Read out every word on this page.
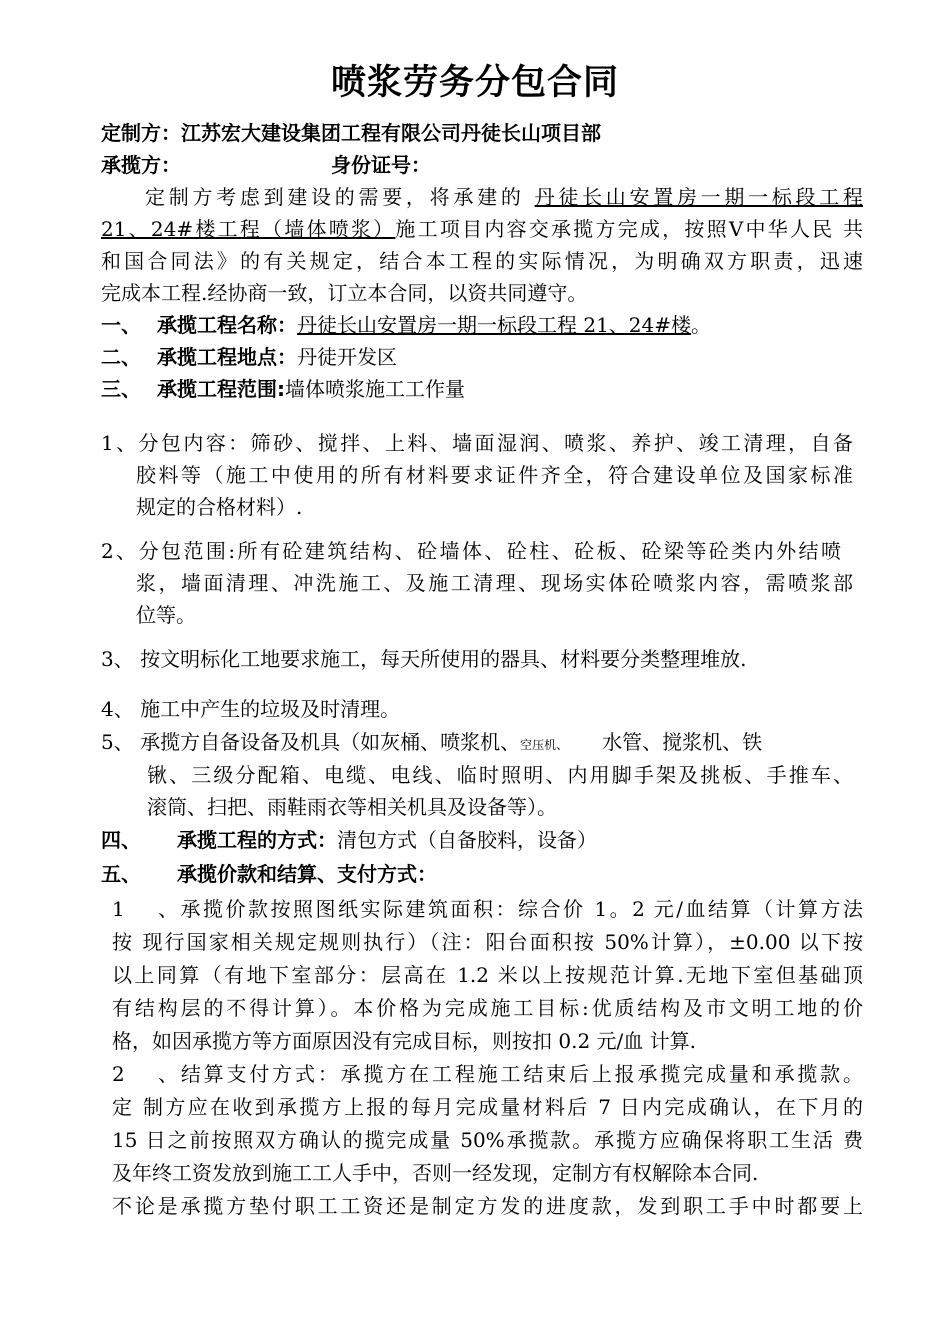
喷浆劳务分包合同
定制方：江苏宏大建设集团工程有限公司丹徒长山项目部
承揽方：	身份证号：
定制方考虑到建设的需要，将承建的 丹徒长山安置房一期一标段工程
21、24#楼工程（墙体喷浆）施工项目内容交承揽方完成，按照Ⅴ中华人民 共
和国合同法》的有关规定，结合本工程的实际情况，为明确双方职责，迅速
完成本工程.经协商一致，订立本合同，以资共同遵守。
一、 承揽工程名称：丹徒长山安置房一期一标段工程 21、24#楼。
二、 承揽工程地点：丹徒开发区
三、 承揽工程范围:墙体喷浆施工工作量
1、分包内容：筛砂、搅拌、上料、墙面湿润、喷浆、养护、竣工清理，自备
胶料等（施工中使用的所有材料要求证件齐全，符合建设单位及国家标准
规定的合格材料）.
2、分包范围:所有砼建筑结构、砼墙体、砼柱、砼板、砼梁等砼类内外结喷
浆，墙面清理、冲洗施工、及施工清理、现场实体砼喷浆内容，需喷浆部
位等。
3、 按文明标化工地要求施工，每天所使用的器具、材料要分类整理堆放.
4、 施工中产生的垃圾及时清理。
5、 承揽方自备设备及机具（如灰桶、喷浆机、空压机、 水管、搅浆机、铁
锹、三级分配箱、电缆、电线、临时照明、内用脚手架及挑板、手推车、
滚筒、扫把、雨鞋雨衣等相关机具及设备等）。
四、 承揽工程的方式：清包方式（自备胶料，设备）
五、 承揽价款和结算、支付方式：
1、承揽价款按照图纸实际建筑面积：综合价 1。2 元/血结算（计算方法
按 现行国家相关规定规则执行）（注：阳台面积按 50%计算），±0.00 以下按
以上同算（有地下室部分：层高在 1.2 米以上按规范计算.无地下室但基础顶
有结构层的不得计算）。本价格为完成施工目标:优质结构及市文明工地的价
格，如因承揽方等方面原因没有完成目标，则按扣 0.2 元/血 计算.
2、结算支付方式：承揽方在工程施工结束后上报承揽完成量和承揽款。
定 制方应在收到承揽方上报的每月完成量材料后 7 日内完成确认，在下月的
15 日之前按照双方确认的揽完成量 50%承揽款。承揽方应确保将职工生活 费
及年终工资发放到施工工人手中，否则一经发现，定制方有权解除本合同.
不论是承揽方垫付职工工资还是制定方发的进度款，发到职工手中时都要上
